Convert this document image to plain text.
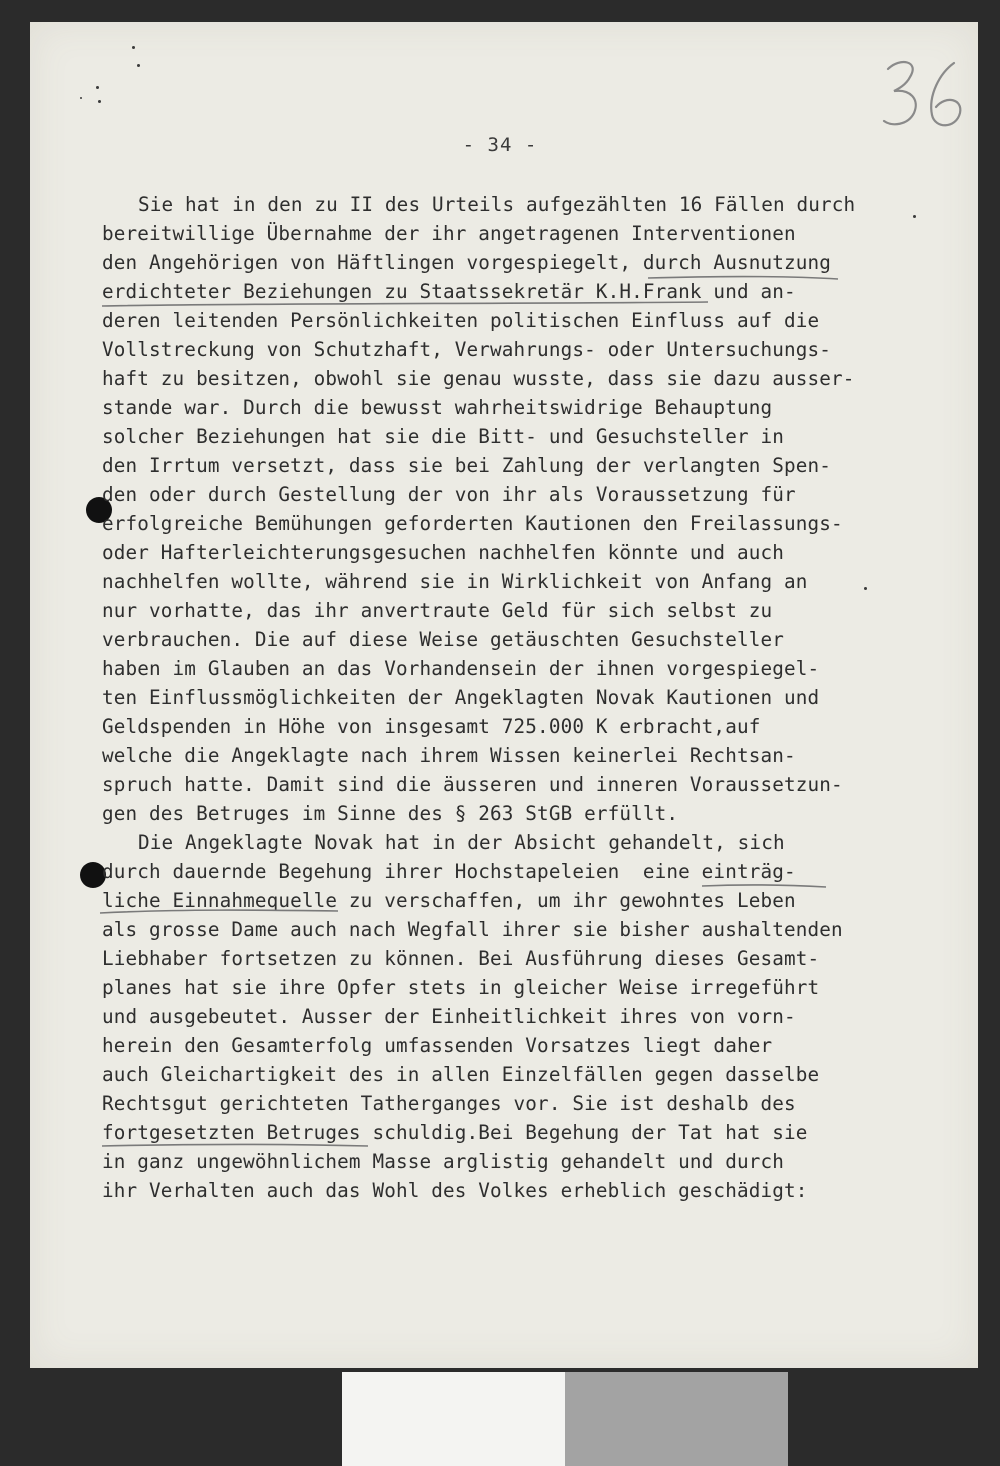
- 34 -
Sie hat in den zu II des Urteils aufgezählten 16 Fällen durch
bereitwillige Übernahme der ihr angetragenen Interventionen
den Angehörigen von Häftlingen vorgespiegelt, durch Ausnutzung
erdichteter Beziehungen zu Staatssekretär K.H.Frank und an-
deren leitenden Persönlichkeiten politischen Einfluss auf die
Vollstreckung von Schutzhaft, Verwahrungs- oder Untersuchungs-
haft zu besitzen, obwohl sie genau wusste, dass sie dazu ausser-
stande war. Durch die bewusst wahrheitswidrige Behauptung
solcher Beziehungen hat sie die Bitt- und Gesuchsteller in
den Irrtum versetzt, dass sie bei Zahlung der verlangten Spen-
den oder durch Gestellung der von ihr als Voraussetzung für
erfolgreiche Bemühungen geforderten Kautionen den Freilassungs-
oder Hafterleichterungsgesuchen nachhelfen könnte und auch
nachhelfen wollte, während sie in Wirklichkeit von Anfang an
nur vorhatte, das ihr anvertraute Geld für sich selbst zu
verbrauchen. Die auf diese Weise getäuschten Gesuchsteller
haben im Glauben an das Vorhandensein der ihnen vorgespiegel-
ten Einflussmöglichkeiten der Angeklagten Novak Kautionen und
Geldspenden in Höhe von insgesamt 725.000 K erbracht,auf
welche die Angeklagte nach ihrem Wissen keinerlei Rechtsan-
spruch hatte. Damit sind die äusseren und inneren Voraussetzun-
gen des Betruges im Sinne des § 263 StGB erfüllt.
Die Angeklagte Novak hat in der Absicht gehandelt, sich
durch dauernde Begehung ihrer Hochstapeleien  eine einträg-
liche Einnahmequelle zu verschaffen, um ihr gewohntes Leben
als grosse Dame auch nach Wegfall ihrer sie bisher aushaltenden
Liebhaber fortsetzen zu können. Bei Ausführung dieses Gesamt-
planes hat sie ihre Opfer stets in gleicher Weise irregeführt
und ausgebeutet. Ausser der Einheitlichkeit ihres von vorn-
herein den Gesamterfolg umfassenden Vorsatzes liegt daher
auch Gleichartigkeit des in allen Einzelfällen gegen dasselbe
Rechtsgut gerichteten Tatherganges vor. Sie ist deshalb des
fortgesetzten Betruges schuldig.Bei Begehung der Tat hat sie
in ganz ungewöhnlichem Masse arglistig gehandelt und durch
ihr Verhalten auch das Wohl des Volkes erheblich geschädigt:
